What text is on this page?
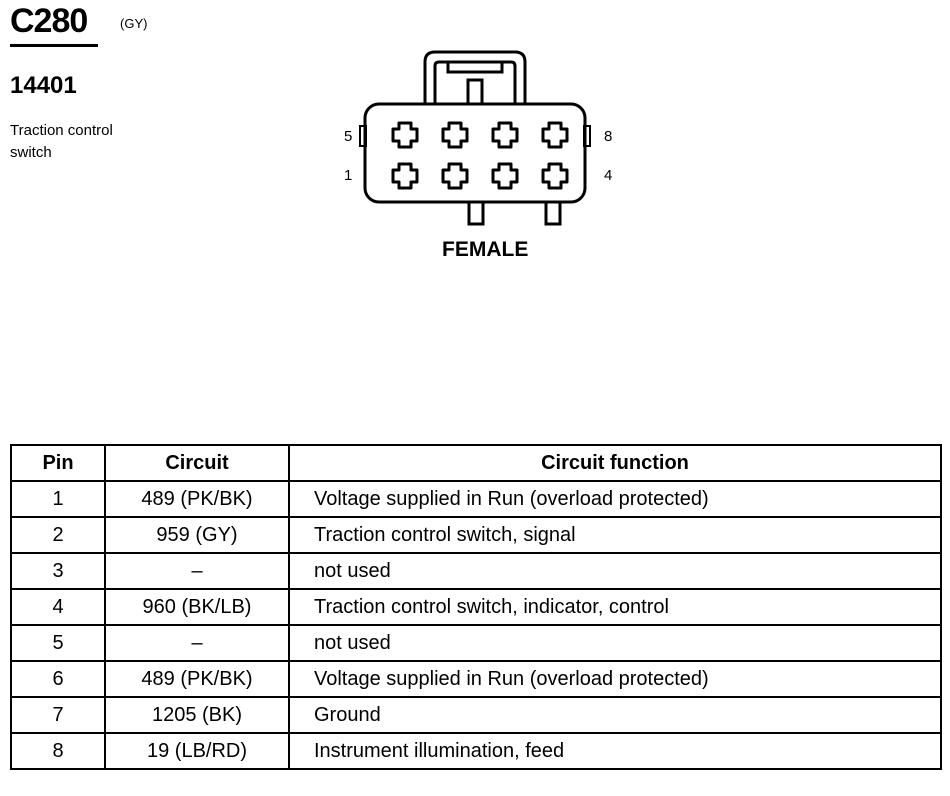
C280	(GY)
14401
Traction control
switch
5
1
8
4
FEMALE
Pin	Circuit	Circuit function
1	489 (PK/BK)	Voltage supplied in Run (overload protected)
2	959 (GY)	Traction control switch, signal
3	–	not used
4	960 (BK/LB)	Traction control switch, indicator, control
5	–	not used
6	489 (PK/BK)	Voltage supplied in Run (overload protected)
7	1205 (BK)	Ground
8	19 (LB/RD)	Instrument illumination, feed
